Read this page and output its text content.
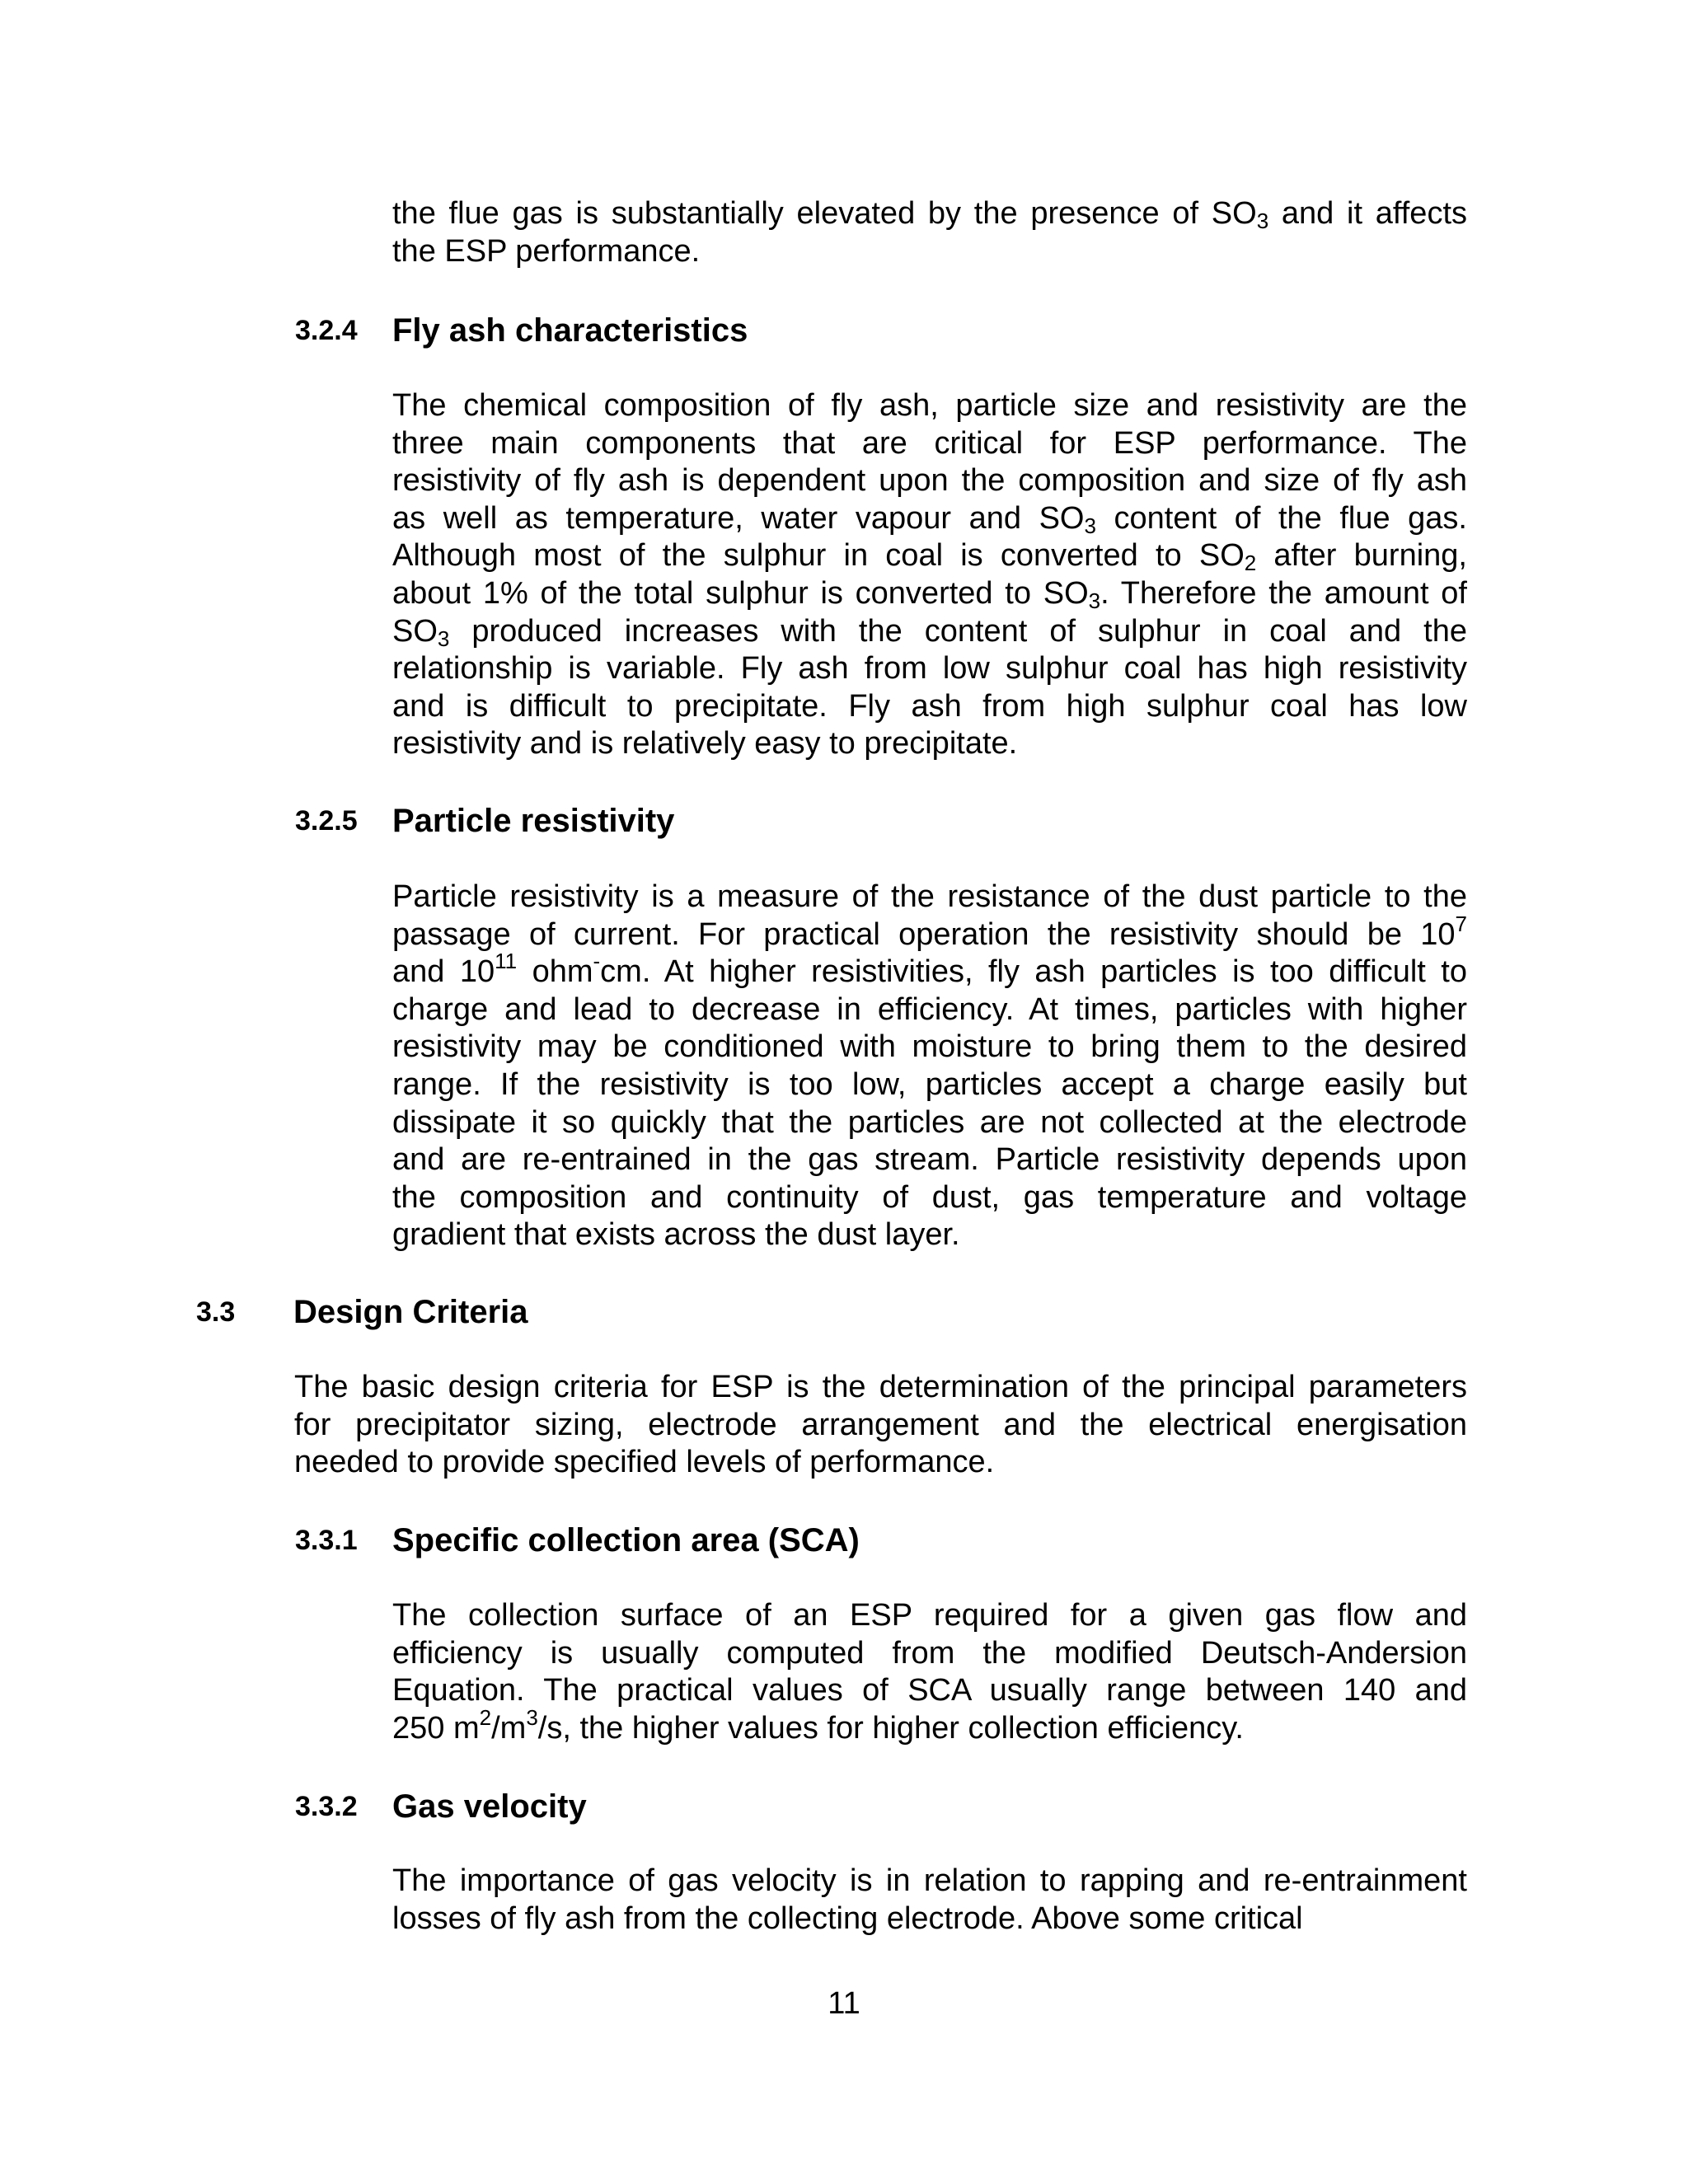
the flue gas is substantially elevated by the presence of $SO_3$ and it affects
the ESP performance.
3.2.4 Fly ash characteristics
The chemical composition of fly ash, particle size and resistivity are the
three main components that are critical for ESP performance. The
resistivity of fly ash is dependent upon the composition and size of fly ash
as well as temperature, water vapour and $SO_3$ content of the flue gas.
Although most of the sulphur in coal is converted to $SO_2$ after burning,
about 1% of the total sulphur is converted to $SO_3$. Therefore the amount of
$SO_3$ produced increases with the content of sulphur in coal and the
relationship is variable. Fly ash from low sulphur coal has high resistivity
and is difficult to precipitate. Fly ash from high sulphur coal has low
resistivity and is relatively easy to precipitate.
3.2.5 Particle resistivity
Particle resistivity is a measure of the resistance of the dust particle to the
passage of current. For practical operation the resistivity should be $10^7$
and $10^{11}$ ohm-cm. At higher resistivities, fly ash particles is too difficult to
charge and lead to decrease in efficiency. At times, particles with higher
resistivity may be conditioned with moisture to bring them to the desired
range. If the resistivity is too low, particles accept a charge easily but
dissipate it so quickly that the particles are not collected at the electrode
and are re-entrained in the gas stream. Particle resistivity depends upon
the composition and continuity of dust, gas temperature and voltage
gradient that exists across the dust layer.
3.3 Design Criteria
The basic design criteria for ESP is the determination of the principal parameters
for precipitator sizing, electrode arrangement and the electrical energisation
needed to provide specified levels of performance.
3.3.1 Specific collection area (SCA)
The collection surface of an ESP required for a given gas flow and
efficiency is usually computed from the modified Deutsch-Andersion
Equation. The practical values of SCA usually range between 140 and
250 $m^2/m^3/s$, the higher values for higher collection efficiency.
3.3.2 Gas velocity
The importance of gas velocity is in relation to rapping and re-entrainment
losses of fly ash from the collecting electrode. Above some critical
11
